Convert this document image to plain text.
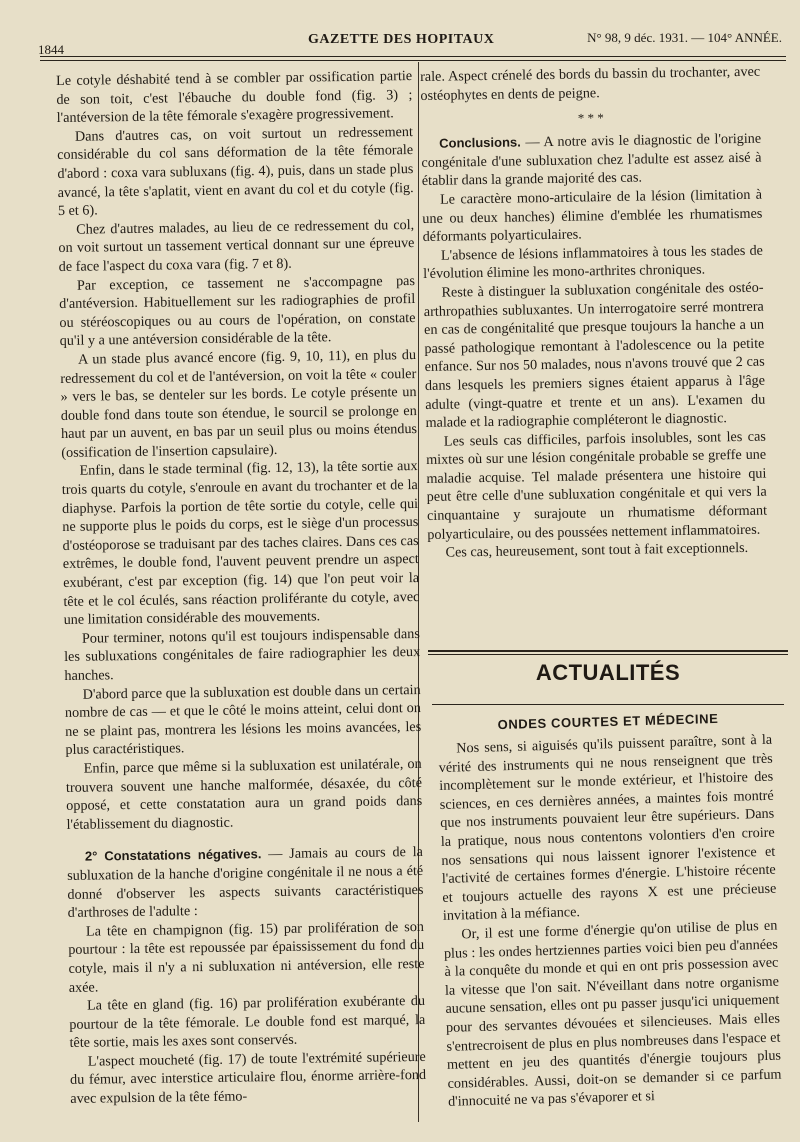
1844
GAZETTE DES HOPITAUX	N° 98, 9 déc. 1931. — 104° ANNÉE.

Le cotyle déshabité tend à se combler par ossification partie de son toit, c'est l'ébauche du double fond (fig. 3) ; l'antéversion de la tête fémorale s'exagère progressivement.

Dans d'autres cas, on voit surtout un redressement considérable du col sans déformation de la tête fémorale d'abord : coxa vara subluxans (fig. 4), puis, dans un stade plus avancé, la tête s'aplatit, vient en avant du col et du cotyle (fig. 5 et 6).

Chez d'autres malades, au lieu de ce redressement du col, on voit surtout un tassement vertical donnant sur une épreuve de face l'aspect du coxa vara (fig. 7 et 8).

Par exception, ce tassement ne s'accompagne pas d'antéversion. Habituellement sur les radiographies de profil ou stéréoscopiques ou au cours de l'opération, on constate qu'il y a une antéversion considérable de la tête.

A un stade plus avancé encore (fig. 9, 10, 11), en plus du redressement du col et de l'antéversion, on voit la tête « couler » vers le bas, se denteler sur les bords. Le cotyle présente un double fond dans toute son étendue, le sourcil se prolonge en haut par un auvent, en bas par un seuil plus ou moins étendus (ossification de l'insertion capsulaire).

Enfin, dans le stade terminal (fig. 12, 13), la tête sortie aux trois quarts du cotyle, s'enroule en avant du trochanter et de la diaphyse. Parfois la portion de tête sortie du cotyle, celle qui ne supporte plus le poids du corps, est le siège d'un processus d'ostéoporose se traduisant par des taches claires. Dans ces cas extrêmes, le double fond, l'auvent peuvent prendre un aspect exubérant, c'est par exception (fig. 14) que l'on peut voir la tête et le col éculés, sans réaction proliférante du cotyle, avec une limitation considérable des mouvements.

Pour terminer, notons qu'il est toujours indispensable dans les subluxations congénitales de faire radiographier les deux hanches.

D'abord parce que la subluxation est double dans un certain nombre de cas — et que le côté le moins atteint, celui dont on ne se plaint pas, montrera les lésions les moins avancées, les plus caractéristiques.

Enfin, parce que même si la subluxation est unilatérale, on trouvera souvent une hanche malformée, désaxée, du côté opposé, et cette constatation aura un grand poids dans l'établissement du diagnostic.

2° Constatations négatives. — Jamais au cours de la subluxation de la hanche d'origine congénitale il ne nous a été donné d'observer les aspects suivants caractéristiques d'arthroses de l'adulte :

La tête en champignon (fig. 15) par prolifération de son pourtour : la tête est repoussée par épaississement du fond du cotyle, mais il n'y a ni subluxation ni antéversion, elle reste axée.

La tête en gland (fig. 16) par prolifération exubérante du pourtour de la tête fémorale. Le double fond est marqué, la tête sortie, mais les axes sont conservés.

L'aspect moucheté (fig. 17) de toute l'extrémité supérieure du fémur, avec interstice articulaire flou, énorme arrière-fond avec expulsion de la tête fémo-

rale. Aspect crénelé des bords du bassin du trochanter, avec ostéophytes en dents de peigne.

* * *

Conclusions. — A notre avis le diagnostic de l'origine congénitale d'une subluxation chez l'adulte est assez aisé à établir dans la grande majorité des cas.

Le caractère mono-articulaire de la lésion (limitation à une ou deux hanches) élimine d'emblée les rhumatismes déformants polyarticulaires.

L'absence de lésions inflammatoires à tous les stades de l'évolution élimine les mono-arthrites chroniques.

Reste à distinguer la subluxation congénitale des ostéo-arthropathies subluxantes. Un interrogatoire serré montrera en cas de congénitalité que presque toujours la hanche a un passé pathologique remontant à l'adolescence ou la petite enfance. Sur nos 50 malades, nous n'avons trouvé que 2 cas dans lesquels les premiers signes étaient apparus à l'âge adulte (vingt-quatre et trente et un ans). L'examen du malade et la radiographie compléteront le diagnostic.

Les seuls cas difficiles, parfois insolubles, sont les cas mixtes où sur une lésion congénitale probable se greffe une maladie acquise. Tel malade présentera une histoire qui peut être celle d'une subluxation congénitale et qui vers la cinquantaine y surajoute un rhumatisme déformant polyarticulaire, ou des poussées nettement inflammatoires.

Ces cas, heureusement, sont tout à fait exceptionnels.

ACTUALITÉS
ONDES COURTES ET MÉDECINE

Nos sens, si aiguisés qu'ils puissent paraître, sont à la vérité des instruments qui ne nous renseignent que très incomplètement sur le monde extérieur, et l'histoire des sciences, en ces dernières années, a maintes fois montré que nos instruments pouvaient leur être supérieurs. Dans la pratique, nous nous contentons volontiers d'en croire nos sensations qui nous laissent ignorer l'existence et l'activité de certaines formes d'énergie. L'histoire récente et toujours actuelle des rayons X est une précieuse invitation à la méfiance.

Or, il est une forme d'énergie qu'on utilise de plus en plus : les ondes hertziennes parties voici bien peu d'années à la conquête du monde et qui en ont pris possession avec la vitesse que l'on sait. N'éveillant dans notre organisme aucune sensation, elles ont pu passer jusqu'ici uniquement pour des servantes dévouées et silencieuses. Mais elles s'entrecroisent de plus en plus nombreuses dans l'espace et mettent en jeu des quantités d'énergie toujours plus considérables. Aussi, doit-on se demander si ce parfum d'innocuité ne va pas s'évaporer et si
